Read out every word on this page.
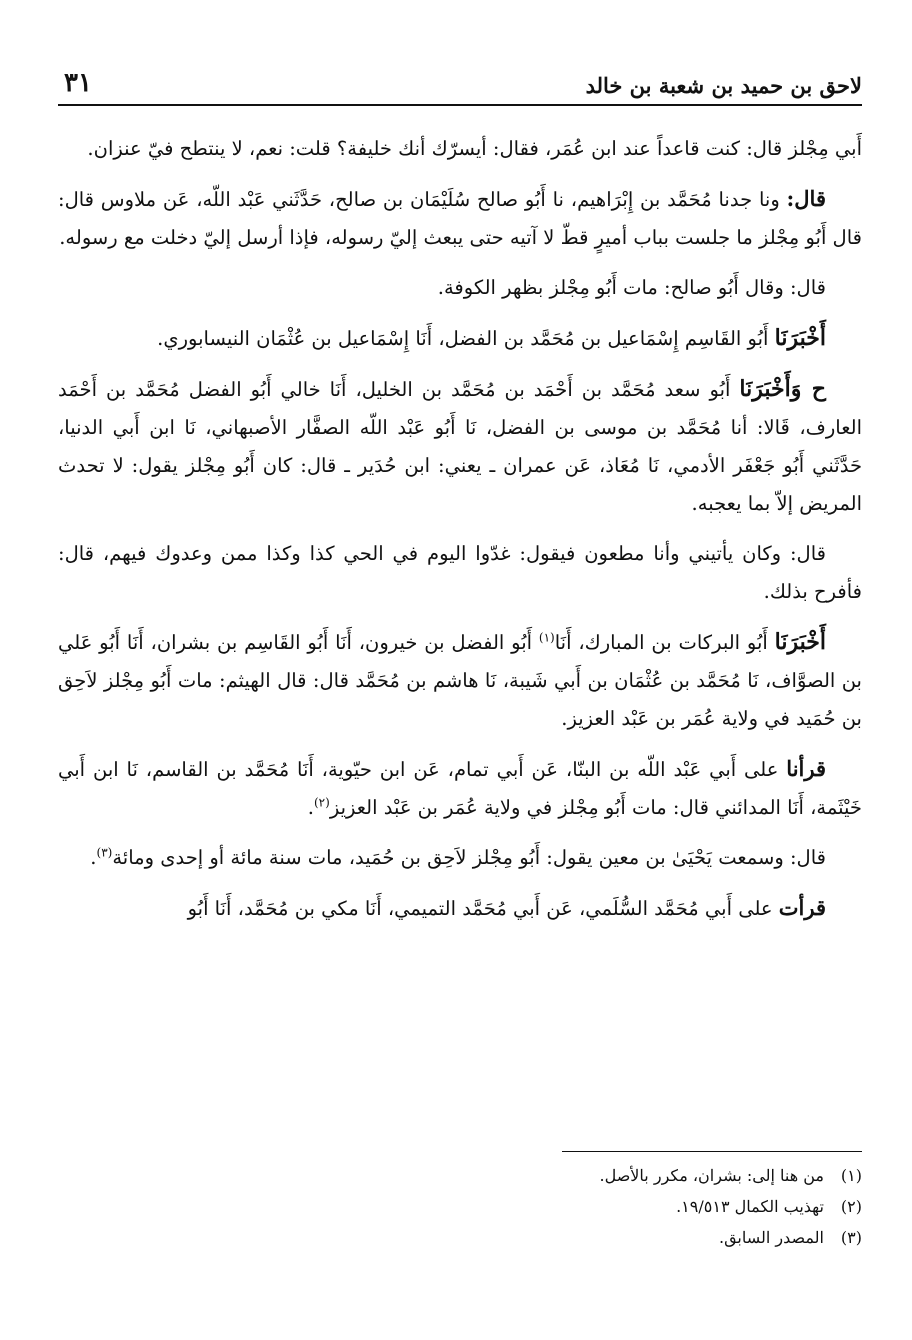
لاحق بن حميد بن شعبة بن خالد
٣١

أَبي مِجْلز قال: كنت قاعداً عند ابن عُمَر، فقال: أيسرّك أنك خليفة؟ قلت: نعم، لا ينتطح فيّ عنزان.

قال: ونا جدنا مُحَمَّد بن إِبْرَاهيم، نا أَبُو صالح سُلَيْمَان بن صالح، حَدَّثَني عَبْد اللّه، عَن ملاوس قال: قال أَبُو مِجْلز ما جلست بباب أميرٍ قطّ لا آتيه حتى يبعث إليّ رسوله، فإذا أرسل إليّ دخلت مع رسوله.

قال: وقال أَبُو صالح: مات أَبُو مِجْلز بظهر الكوفة.

أَخْبَرَنَا أَبُو القَاسِم إِسْمَاعيل بن مُحَمَّد بن الفضل، أَنَا إِسْمَاعيل بن عُثْمَان النيسابوري.

ح وَأَخْبَرَنَا أَبُو سعد مُحَمَّد بن أَحْمَد بن مُحَمَّد بن الخليل، أَنَا خالي أَبُو الفضل مُحَمَّد بن أَحْمَد العارف، قَالا: أنا مُحَمَّد بن موسى بن الفضل، نَا أَبُو عَبْد اللّه الصفَّار الأصبهاني، نَا ابن أَبي الدنيا، حَدَّثَني أَبُو جَعْفَر الأدمي، نَا مُعَاذ، عَن عمران ـ يعني: ابن حُدَير ـ قال: كان أَبُو مِجْلز يقول: لا تحدث المريض إلاّ بما يعجبه.

قال: وكان يأتيني وأنا مطعون فيقول: غدّوا اليوم في الحي كذا وكذا ممن وعدوك فيهم، قال: فأفرح بذلك.

أَخْبَرَنَا أَبُو البركات بن المبارك، أَنَا$^{(١)}$ أَبُو الفضل بن خيرون، أَنَا أَبُو القَاسِم بن بشران، أَنَا أَبُو عَلي بن الصوَّاف، نَا مُحَمَّد بن عُثْمَان بن أَبي شَيبة، نَا هاشم بن مُحَمَّد قال: قال الهيثم: مات أَبُو مِجْلز لاَحِق بن حُمَيد في ولاية عُمَر بن عَبْد العزيز.

قرأنا على أَبي عَبْد اللّه بن البنّا، عَن أَبي تمام، عَن ابن حيّوية، أَنَا مُحَمَّد بن القاسم، نَا ابن أَبي خَيْثَمة، أَنَا المدائني قال: مات أَبُو مِجْلز في ولاية عُمَر بن عَبْد العزيز$^{(٢)}$.

قال: وسمعت يَحْيَىٰ بن معين يقول: أَبُو مِجْلز لاَحِق بن حُمَيد، مات سنة مائة أو إحدى ومائة$^{(٣)}$.

قرأت على أَبي مُحَمَّد السُّلَمي، عَن أَبي مُحَمَّد التميمي، أَنَا مكي بن مُحَمَّد، أَنَا أَبُو

(١)
من هنا إلى: بشران، مكرر بالأصل.
(٢)
تهذيب الكمال ١٩/٥١٣.
(٣)
المصدر السابق.
